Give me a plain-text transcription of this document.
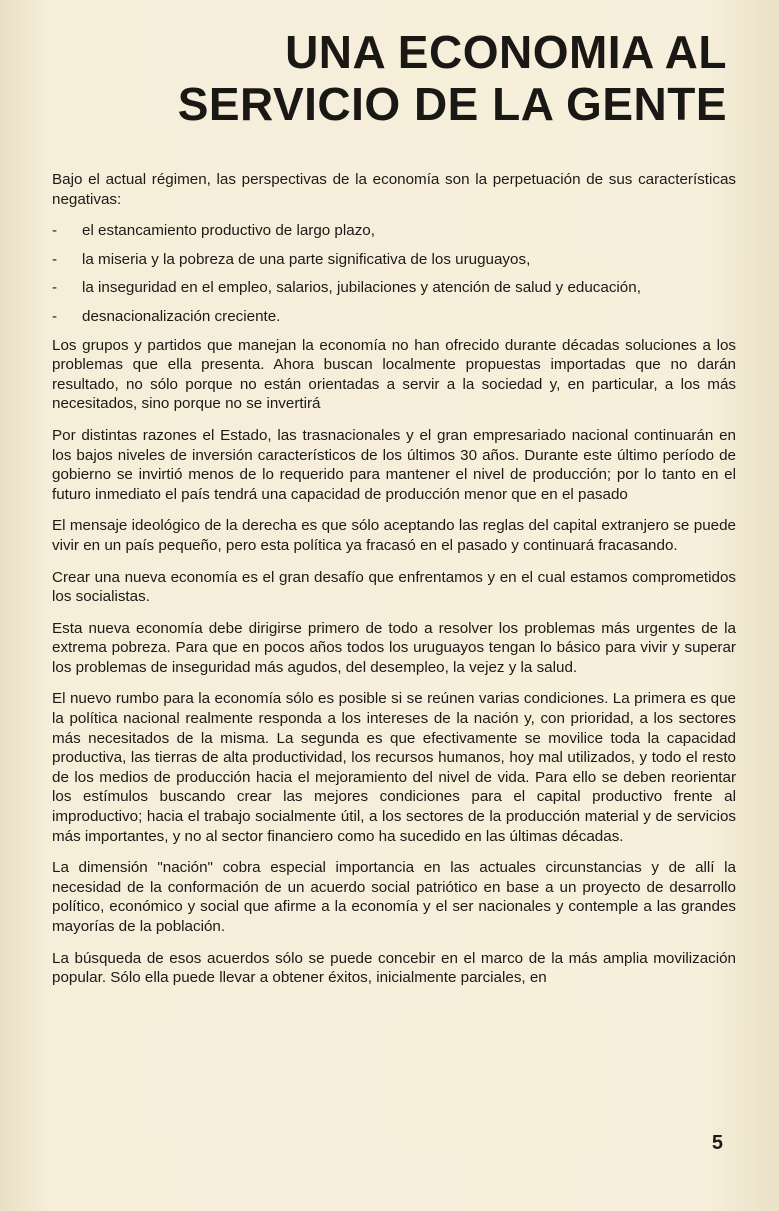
UNA ECONOMIA AL
SERVICIO DE LA GENTE

Bajo el actual régimen, las perspectivas de la economía son la perpetuación de sus características negativas:

- el estancamiento productivo de largo plazo,
- la miseria y la pobreza de una parte significativa de los uruguayos,
- la inseguridad en el empleo, salarios, jubilaciones y atención de salud y educación,
- desnacionalización creciente.

Los grupos y partidos que manejan la economía no han ofrecido durante décadas soluciones a los problemas que ella presenta. Ahora buscan localmente propuestas importadas que no darán resultado, no sólo porque no están orientadas a servir a la sociedad y, en particular, a los más necesitados, sino porque no se invertirá

Por distintas razones el Estado, las trasnacionales y el gran empresariado nacional continuarán en los bajos niveles de inversión característicos de los últimos 30 años. Durante este último período de gobierno se invirtió menos de lo requerido para mantener el nivel de producción; por lo tanto en el futuro inmediato el país tendrá una capacidad de producción menor que en el pasado

El mensaje ideológico de la derecha es que sólo aceptando las reglas del capital extranjero se puede vivir en un país pequeño, pero esta política ya fracasó en el pasado y continuará fracasando.

Crear una nueva economía es el gran desafío que enfrentamos y en el cual estamos comprometidos los socialistas.

Esta nueva economía debe dirigirse primero de todo a resolver los problemas más urgentes de la extrema pobreza. Para que en pocos años todos los uruguayos tengan lo básico para vivir y superar los problemas de inseguridad más agudos, del desempleo, la vejez y la salud.

El nuevo rumbo para la economía sólo es posible si se reúnen varias condiciones. La primera es que la política nacional realmente responda a los intereses de la nación y, con prioridad, a los sectores más necesitados de la misma. La segunda es que efectivamente se movilice toda la capacidad productiva, las tierras de alta productividad, los recursos humanos, hoy mal utilizados, y todo el resto de los medios de producción hacia el mejoramiento del nivel de vida. Para ello se deben reorientar los estímulos buscando crear las mejores condiciones para el capital productivo frente al improductivo; hacia el trabajo socialmente útil, a los sectores de la producción material y de servicios más importantes, y no al sector financiero como ha sucedido en las últimas décadas.

La dimensión "nación" cobra especial importancia en las actuales circunstancias y de allí la necesidad de la conformación de un acuerdo social patriótico en base a un proyecto de desarrollo político, económico y social que afirme a la economía y el ser nacionales y contemple a las grandes mayorías de la población.

La búsqueda de esos acuerdos sólo se puede concebir en el marco de la más amplia movilización popular. Sólo ella puede llevar a obtener éxitos, inicialmente parciales, en

5
